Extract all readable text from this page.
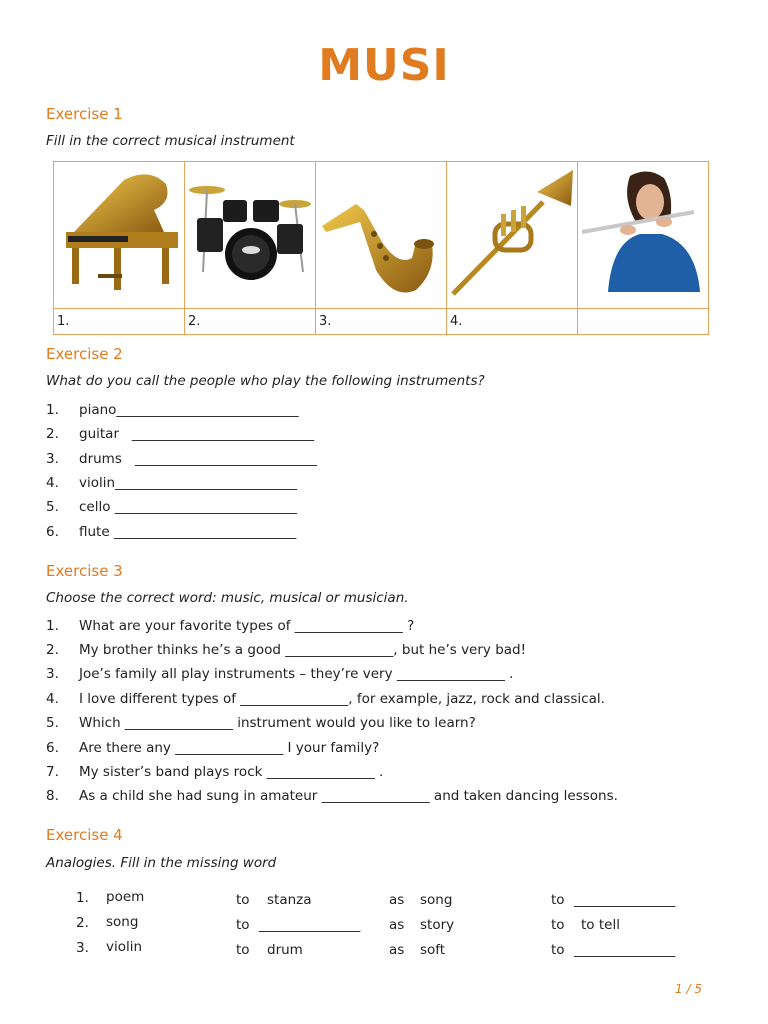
MUSI
Exercise 1
Fill in the correct musical instrument

1.	2.	3.	4.	
Exercise 2
What do you call the people who play the following instruments?
1. piano___________________________
2. guitar   ___________________________
3. drums   ___________________________
4. violin___________________________
5. cello ___________________________
6. flute ___________________________
Exercise 3
Choose the correct word: music, musical or musician.
1. What are your favorite types of ________________ ?
2. My brother thinks he’s a good ________________, but he’s very bad!
3. Joe’s family all play instruments – they’re very ________________ .
4. I love different types of ________________, for example, jazz, rock and classical.
5. Which ________________ instrument would you like to learn?
6. Are there any ________________ I your family?
7. My sister’s band plays rock ________________ .
8. As a child she had sung in amateur ________________ and taken dancing lessons.
Exercise 4
Analogies. Fill in the missing word
1. poem	to stanza	as song	to _______________
2. song	to _______________ as story	to to tell
3. violin	to drum	as soft	to _______________
1 / 5
